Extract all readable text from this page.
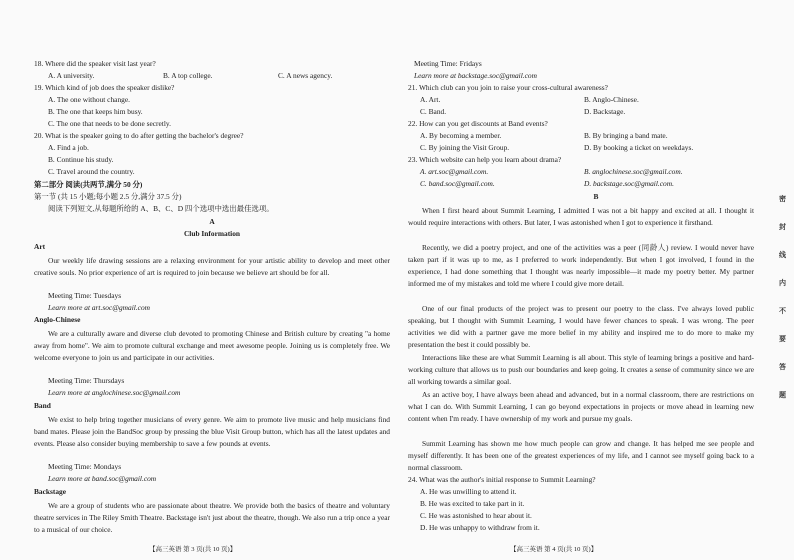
18. Where did the speaker visit last year?
A. A university.	B. A top college.	C. A news agency.
19. Which kind of job does the speaker dislike?
A. The one without change.
B. The one that keeps him busy.
C. The one that needs to be done secretly.
20. What is the speaker going to do after getting the bachelor's degree?
A. Find a job.
B. Continue his study.
C. Travel around the country.
第二部分 阅读(共两节,满分 50 分)
第一节 (共 15 小题;每小题 2.5 分,满分 37.5 分)
阅读下列短文,从每题所给的 A、B、C、D 四个选项中选出最佳选项。
A
Club Information
Art
Our weekly life drawing sessions are a relaxing environment for your artistic ability to develop and meet other creative souls. No prior experience of art is required to join because we believe art should be for all.
Meeting Time: Tuesdays
Learn more at art.soc@gmail.com
Anglo-Chinese
We are a culturally aware and diverse club devoted to promoting Chinese and British culture by creating "a home away from home". We aim to promote cultural exchange and meet awesome people. Joining us is completely free. We welcome everyone to join us and participate in our activities.
Meeting Time: Thursdays
Learn more at anglochinese.soc@gmail.com
Band
We exist to help bring together musicians of every genre. We aim to promote live music and help musicians find band mates. Please join the BandSoc group by pressing the blue Visit Group button, which has all the latest updates and events. Please also consider buying membership to save a few pounds at events.
Meeting Time: Mondays
Learn more at band.soc@gmail.com
Backstage
We are a group of students who are passionate about theatre. We provide both the basics of theatre and voluntary theatre services in The Riley Smith Theatre. Backstage isn't just about the theatre, though. We also run a trip once a year to a musical of our choice.
【高三英语 第 3 页(共 10 页)】
Meeting Time: Fridays
Learn more at backstage.soc@gmail.com
21. Which club can you join to raise your cross-cultural awareness?
A. Art.	B. Anglo-Chinese.
C. Band.	D. Backstage.
22. How can you get discounts at Band events?
A. By becoming a member.	B. By bringing a band mate.
C. By joining the Visit Group.	D. By booking a ticket on weekdays.
23. Which website can help you learn about drama?
A. art.soc@gmail.com.	B. anglochinese.soc@gmail.com.
C. band.soc@gmail.com.	D. backstage.soc@gmail.com.
B
When I first heard about Summit Learning, I admitted I was not a bit happy and excited at all. I thought it would require interactions with others. But later, I was astonished when I got to experience it firsthand.
Recently, we did a poetry project, and one of the activities was a peer (同龄人) review. I would never have taken part if it was up to me, as I preferred to work independently. But when I got involved, I found in the experience, I had done something that I thought was nearly impossible—it made my poetry better. My partner informed me of my mistakes and told me where I could give more detail.
One of our final products of the project was to present our poetry to the class. I've always loved public speaking, but I thought with Summit Learning, I would have fewer chances to speak. I was wrong. The peer activities we did with a partner gave me more belief in my ability and inspired me to do more to make my presentation the best it could possibly be.
Interactions like these are what Summit Learning is all about. This style of learning brings a positive and hard-working culture that allows us to push our boundaries and keep going. It creates a sense of community since we are all working towards a similar goal.
As an active boy, I have always been ahead and advanced, but in a normal classroom, there are restrictions on what I can do. With Summit Learning, I can go beyond expectations in projects or move ahead in learning new content when I'm ready. I have ownership of my work and pursue my goals.
Summit Learning has shown me how much people can grow and change. It has helped me see people and myself differently. It has been one of the greatest experiences of my life, and I cannot see myself going back to a normal classroom.
24. What was the author's initial response to Summit Learning?
A. He was unwilling to attend it.
B. He was excited to take part in it.
C. He was astonished to hear about it.
D. He was unhappy to withdraw from it.
【高三英语 第 4 页(共 10 页)】
密
封
线
内
不
要
答
题
